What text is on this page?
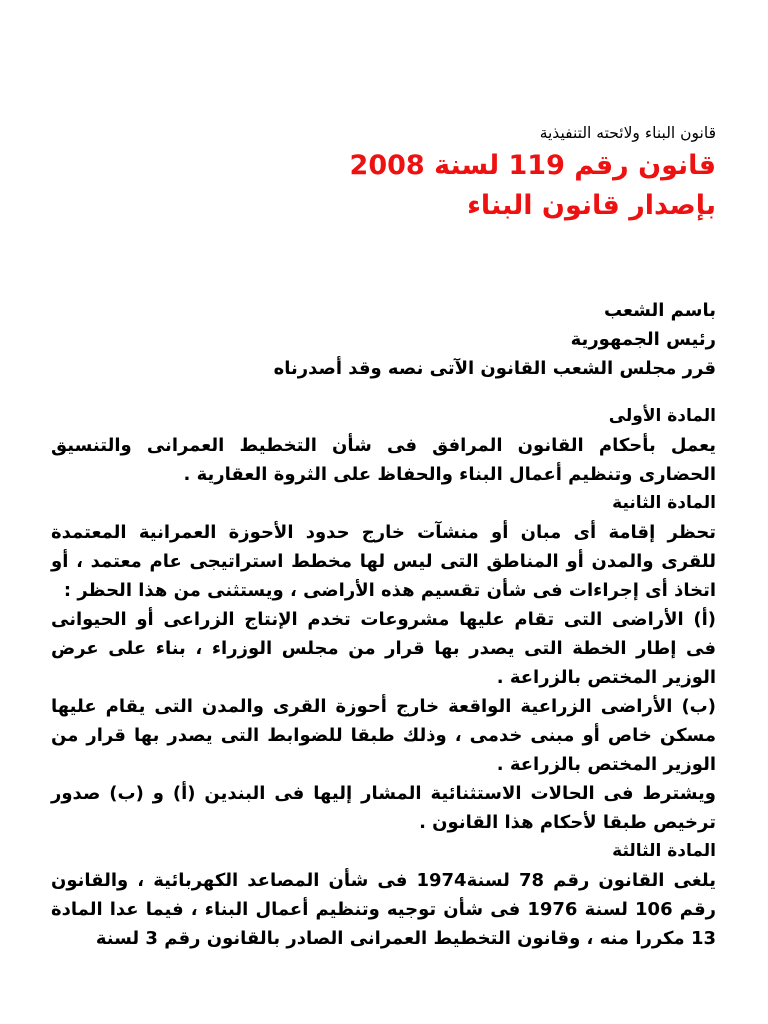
قانون البناء ولائحته التنفيذية

قانون رقم 119 لسنة 2008

بإصدار قانون البناء

باسم الشعب
رئيس الجمهورية
قرر مجلس الشعب القانون الآتى نصه وقد أصدرناه
المادة الأولى

يعمل بأحكام القانون المرافق فى شأن التخطيط العمرانى والتنسيق الحضارى وتنظيم أعمال البناء والحفاظ على الثروة العقارية .

المادة الثانية

تحظر إقامة أى مبان أو منشآت خارج حدود الأحوزة العمرانية المعتمدة للقرى والمدن أو المناطق التى ليس لها مخطط استراتيجى عام معتمد ، أو اتخاذ أى إجراءات فى شأن تقسيم هذه الأراضى ، ويستثنى من هذا الحظر :

(أ) الأراضى التى تقام عليها مشروعات تخدم الإنتاج الزراعى أو الحيوانى فى إطار الخطة التى يصدر بها قرار من مجلس الوزراء ، بناء على عرض الوزير المختص بالزراعة .

(ب) الأراضى الزراعية الواقعة خارج أحوزة القرى والمدن التى يقام عليها مسكن خاص أو مبنى خدمى ، وذلك طبقا للضوابط التى يصدر بها قرار من الوزير المختص بالزراعة .

ويشترط فى الحالات الاستثنائية المشار إليها فى البندين (أ) و (ب) صدور ترخيص طبقا لأحكام هذا القانون .

المادة الثالثة

يلغى القانون رقم 78 لسنة1974 فى شأن المصاعد الكهربائية ، والقانون رقم 106 لسنة 1976 فى شأن توجيه وتنظيم أعمال البناء ، فيما عدا المادة 13 مكررا منه ، وقانون التخطيط العمرانى الصادر بالقانون رقم 3 لسنة
